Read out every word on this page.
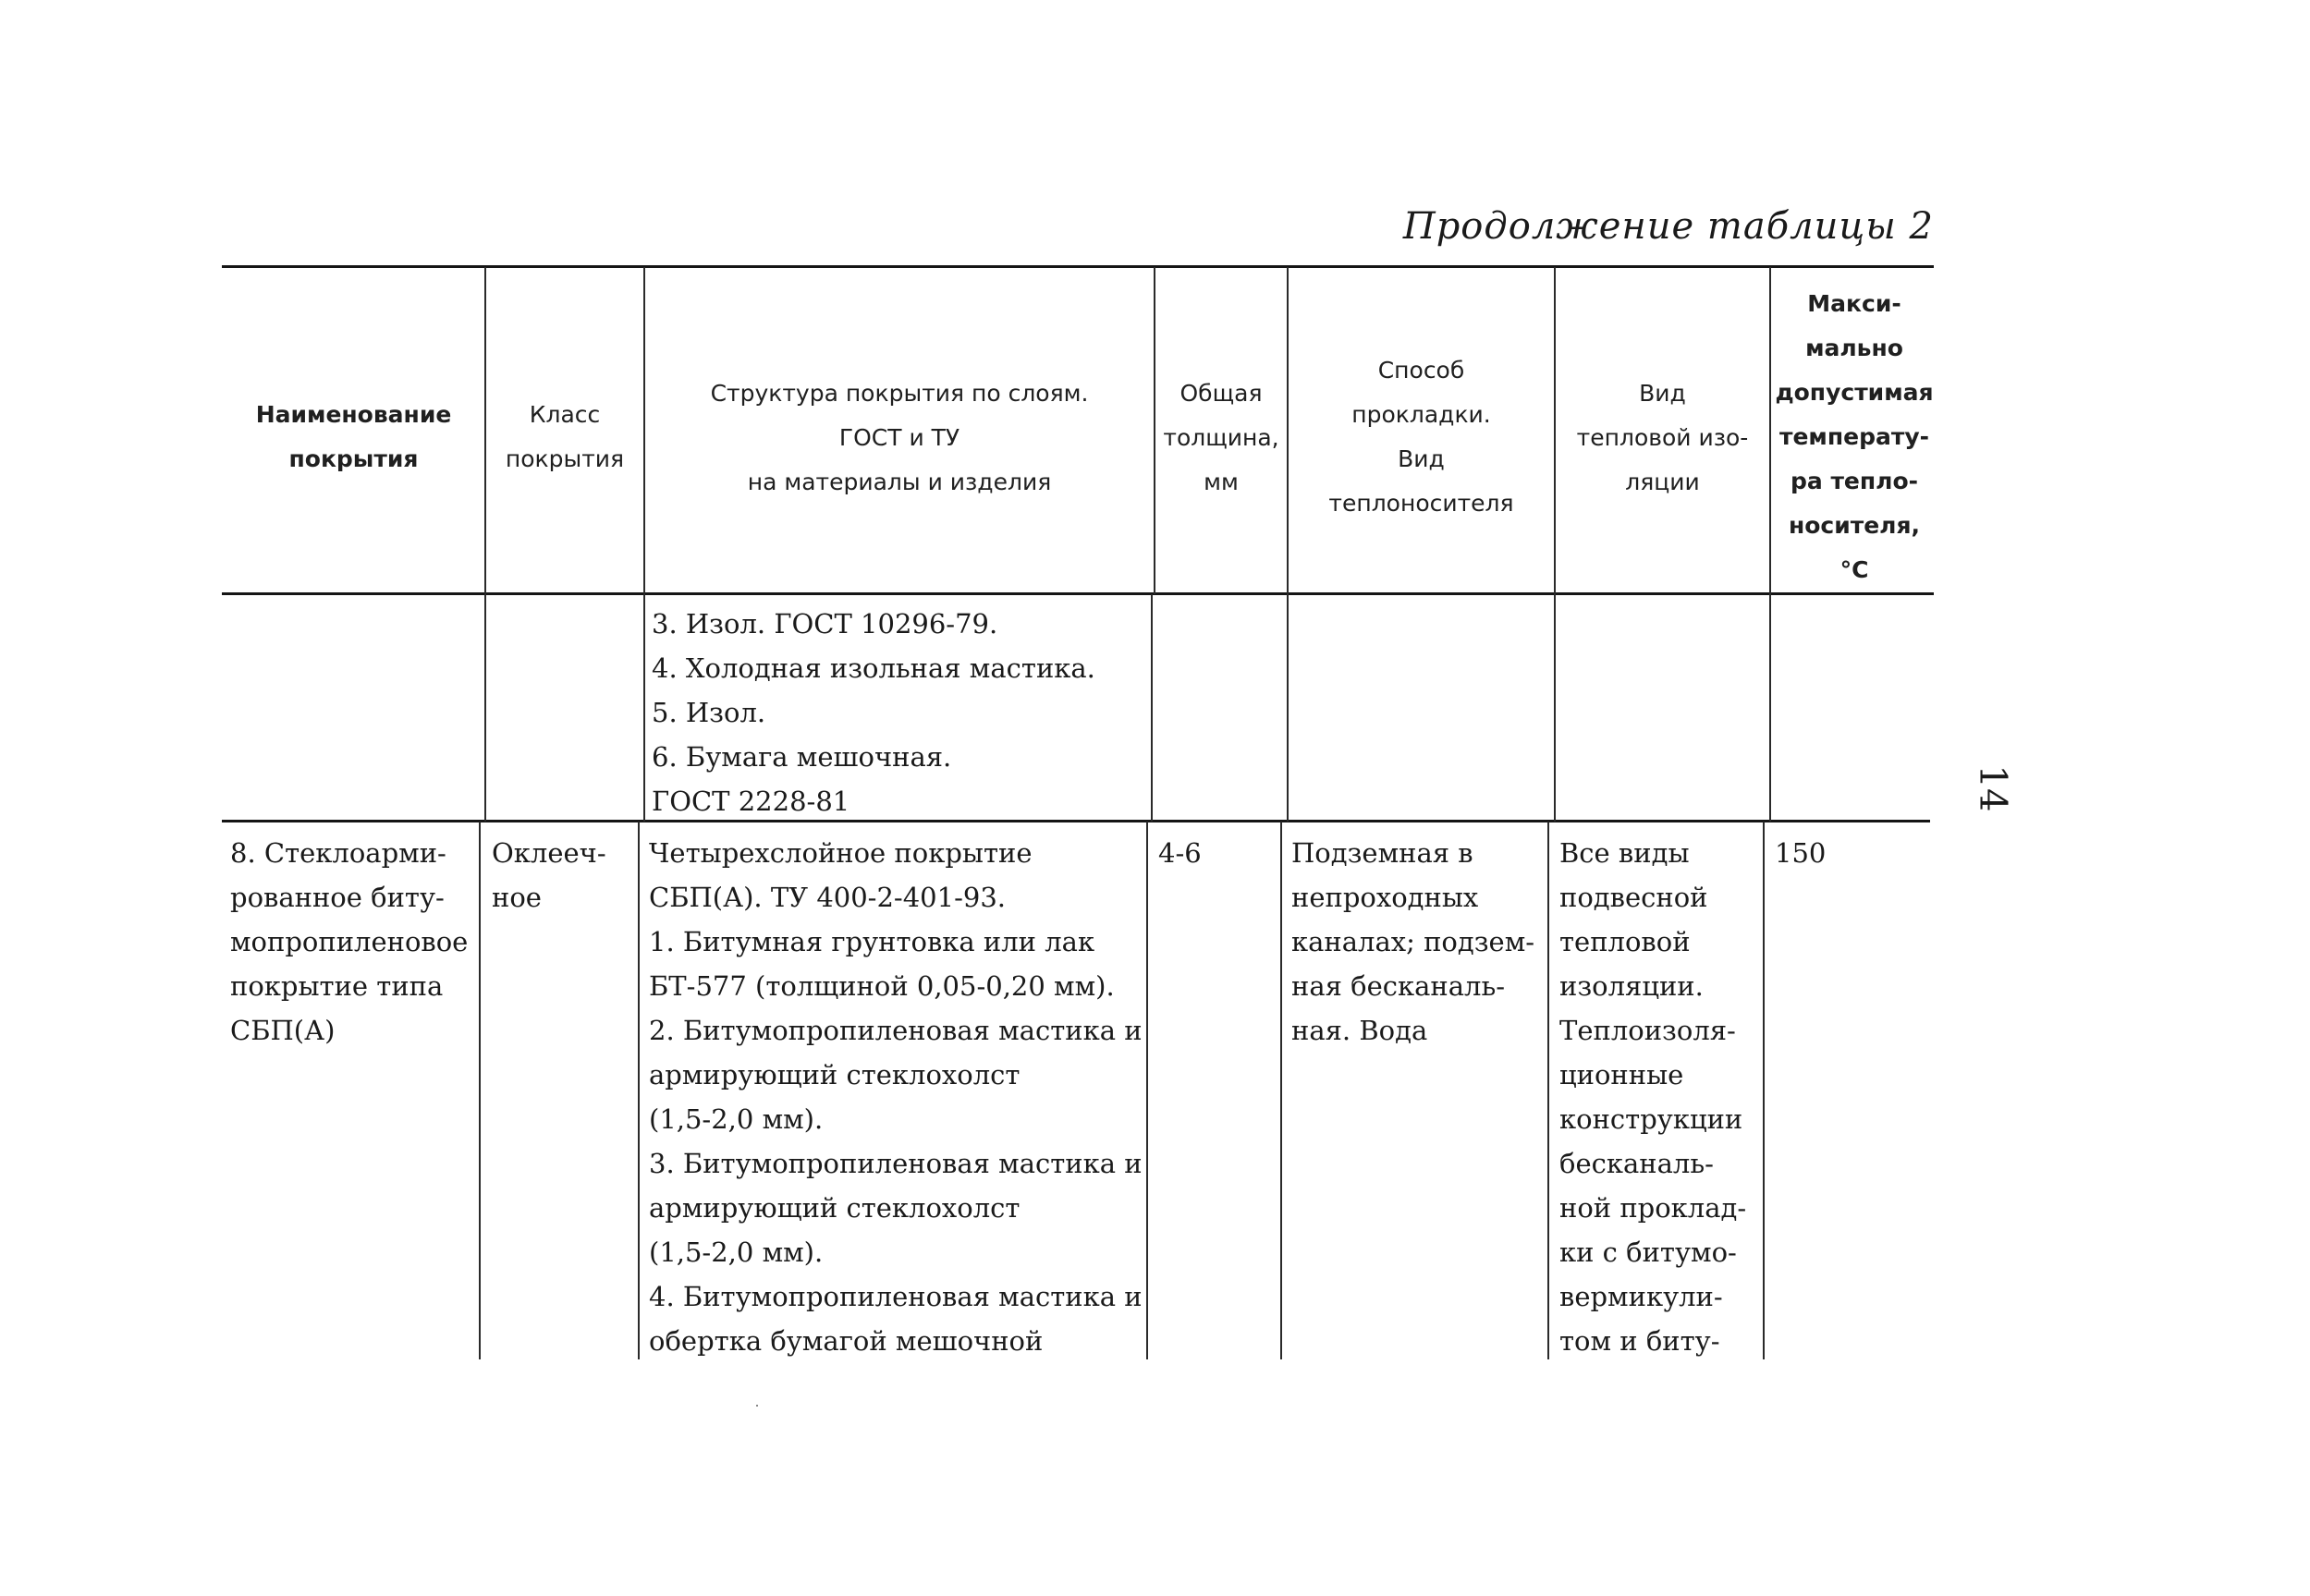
Продолжение таблицы 2
14
Наименование
покрытия
Класс
покрытия
Структура покрытия по слоям.
ГОСТ и ТУ
на материалы и изделия
Общая
толщина,
мм
Способ
прокладки.
Вид
теплоносителя
Вид
тепловой изо-
ляции
Макси-
мально
допустимая
температу-
ра тепло-
носителя,
°С
3. Изол. ГОСТ 10296-79.
4. Холодная изольная мастика.
5. Изол.
6. Бумага мешочная.
ГОСТ 2228-81
8. Стеклоарми-
рованное биту-
мопропиленовое
покрытие типа
СБП(А)
Оклееч-
ное
Четырехслойное покрытие
СБП(А). ТУ 400-2-401-93.
1. Битумная грунтовка или лак
БТ-577 (толщиной 0,05-0,20 мм).
2. Битумопропиленовая мастика и
армирующий стеклохолст
(1,5-2,0 мм).
3. Битумопропиленовая мастика и
армирующий стеклохолст
(1,5-2,0 мм).
4. Битумопропиленовая мастика и
обертка бумагой мешочной
4-6	Подземная в
непроходных
каналах; подзем-
ная бесканаль-
ная. Вода
Все виды
подвесной
тепловой
изоляции.
Теплоизоля-
ционные
конструкции
бесканаль-
ной проклад-
ки с битумо-
вермикули-
том и биту-
150
